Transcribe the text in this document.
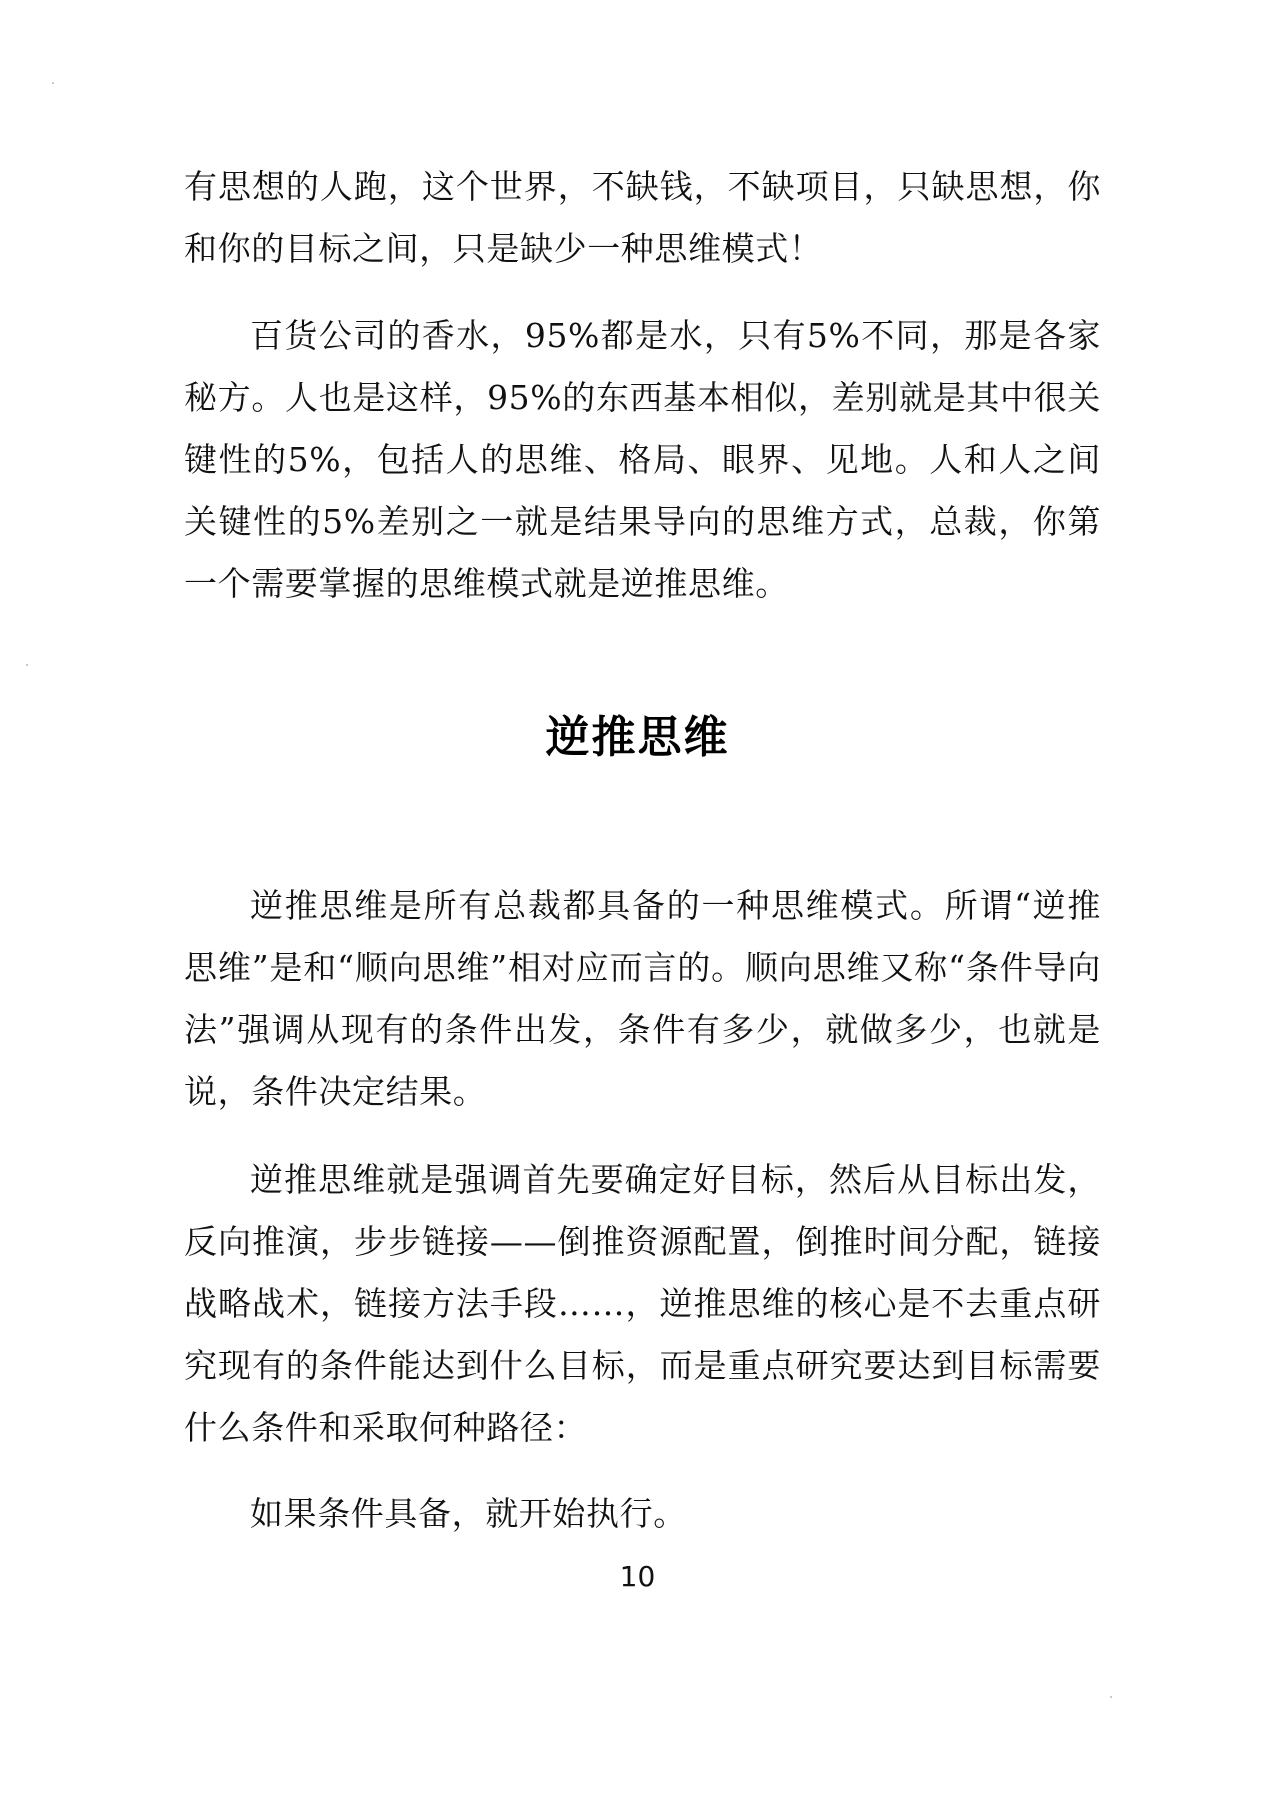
有思想的人跑，这个世界，不缺钱，不缺项目，只缺思想，你和你的目标之间，只是缺少一种思维模式！

百货公司的香水，95%都是水，只有5%不同，那是各家秘方。人也是这样，95%的东西基本相似，差别就是其中很关键性的5%，包括人的思维、格局、眼界、见地。人和人之间关键性的5%差别之一就是结果导向的思维方式，总裁，你第一个需要掌握的思维模式就是逆推思维。

逆推思维

逆推思维是所有总裁都具备的一种思维模式。所谓“逆推思维”是和“顺向思维”相对应而言的。顺向思维又称“条件导向法”强调从现有的条件出发，条件有多少，就做多少，也就是说，条件决定结果。

逆推思维就是强调首先要确定好目标，然后从目标出发，反向推演，步步链接——倒推资源配置，倒推时间分配，链接战略战术，链接方法手段……，逆推思维的核心是不去重点研究现有的条件能达到什么目标，而是重点研究要达到目标需要什么条件和采取何种路径：

如果条件具备，就开始执行。

10
